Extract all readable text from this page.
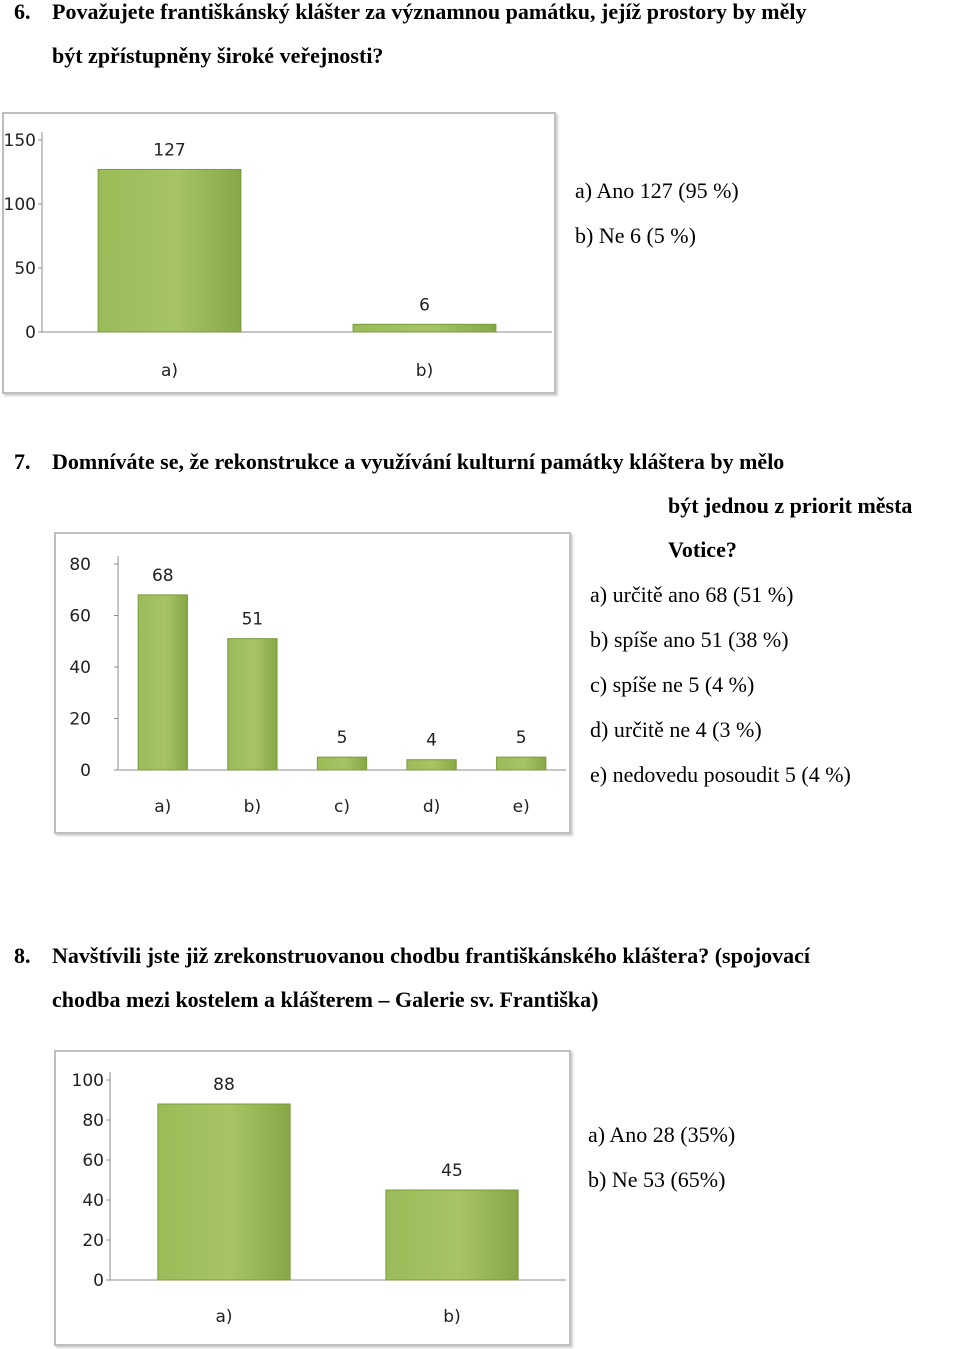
6. Považujete františkánský klášter za významnou památku, jejíž prostory by měly
být zpřístupněny široké veřejnosti?
0
50
100
150	127
a)
6
b)
a) Ano 127 (95 %)
b) Ne 6 (5 %)
7. Domníváte se, že rekonstrukce a využívání kulturní památky kláštera by mělo
být jednou z priorit města
Votice?
0
20
40
60
80
68
a)
51
b)
5
c)
4
d)
5
e)
a) určitě ano 68 (51 %)
b) spíše ano 51 (38 %)
c) spíše ne 5 (4 %)
d) určitě ne 4 (3 %)
e) nedovedu posoudit 5 (4 %)
8. Navštívili jste již zrekonstruovanou chodbu františkánského kláštera? (spojovací
chodba mezi kostelem a klášterem – Galerie sv. Františka)
0
20
40
60
80
100	88
a)
45
b)
a) Ano 28 (35%)
b) Ne 53 (65%)
